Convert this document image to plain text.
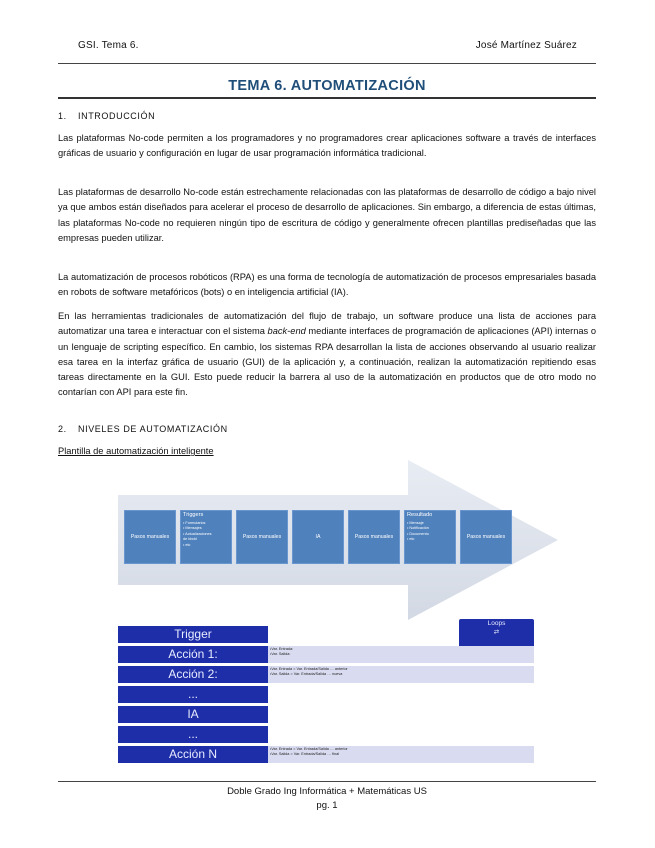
GSI. Tema 6.	José Martínez Suárez
TEMA 6. AUTOMATIZACIÓN
1. INTRODUCCIÓN
Las plataformas No-code permiten a los programadores y no programadores crear aplicaciones software a través de interfaces gráficas de usuario y configuración en lugar de usar programación informática tradicional.
Las plataformas de desarrollo No-code están estrechamente relacionadas con las plataformas de desarrollo de código a bajo nivel ya que ambos están diseñados para acelerar el proceso de desarrollo de aplicaciones. Sin embargo, a diferencia de estas últimas, las plataformas No-code no requieren ningún tipo de escritura de código y generalmente ofrecen plantillas prediseñadas que las empresas pueden utilizar.
La automatización de procesos robóticos (RPA) es una forma de tecnología de automatización de procesos empresariales basada en robots de software metafóricos (bots) o en inteligencia artificial (IA).
En las herramientas tradicionales de automatización del flujo de trabajo, un software produce una lista de acciones para automatizar una tarea e interactuar con el sistema back-end mediante interfaces de programación de aplicaciones (API) internas o un lenguaje de scripting específico. En cambio, los sistemas RPA desarrollan la lista de acciones observando al usuario realizar esa tarea en la interfaz gráfica de usuario (GUI) de la aplicación y, a continuación, realizan la automatización repitiendo esas tareas directamente en la GUI. Esto puede reducir la barrera al uso de la automatización en productos que de otro modo no contarían con API para este fin.
2. NIVELES DE AUTOMATIZACIÓN
Plantilla de automatización inteligente
Pasos manuales
Triggers
• Formularios
• Mensajes
• Actualizaciones
de bbdd
• etc
Pasos manuales	IA	Pasos manuales
Resultado
• Mensaje
• Notificación
• Documento
• etc	Pasos manuales
Loops
⇄
Trigger
Acción 1:	•Var. Entrada:
•Var. Salida:
Acción 2:	•Var. Entrada = Var. Entrada/Salida … anterior
•Var. Salida = Var. Entrada/Salida … nueva
...
IA
...
Acción N	•Var. Entrada = Var. Entrada/Salida … anterior
•Var. Salida = Var. Entrada/Salida … final
Doble Grado Ing Informática + Matemáticas US
pg. 1
